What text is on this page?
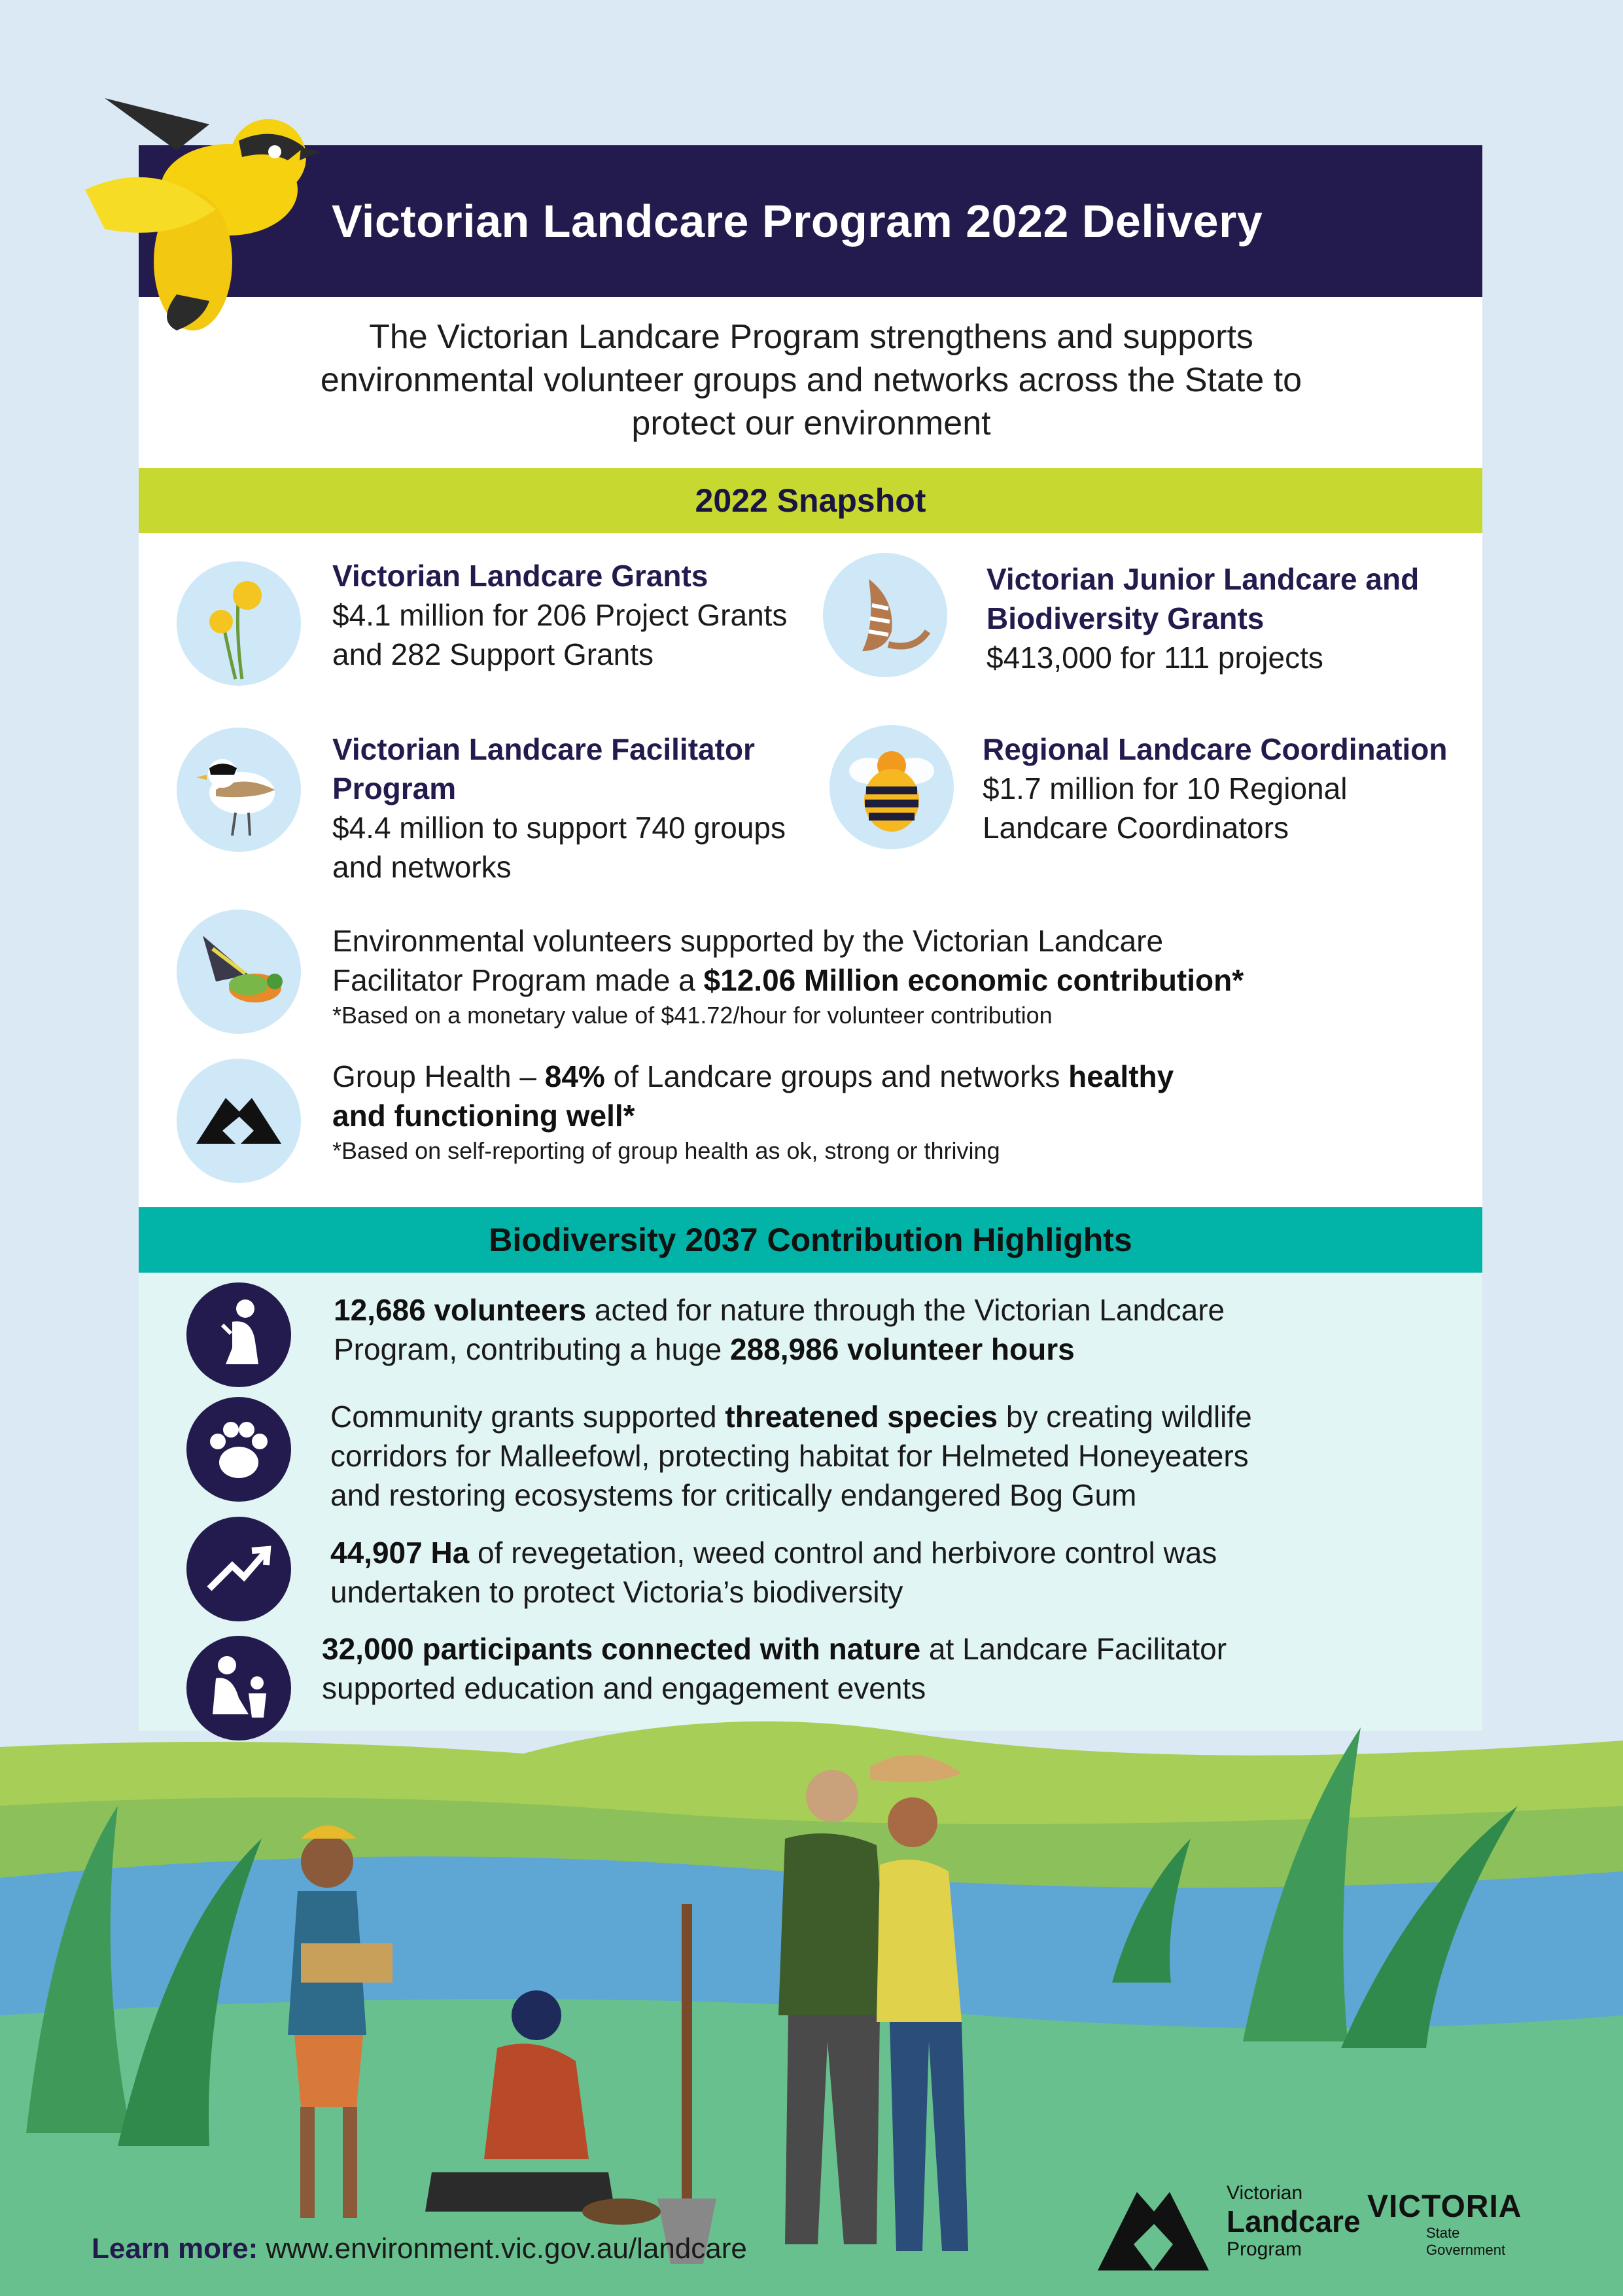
Victorian Landcare Program 2022 Delivery
The Victorian Landcare Program strengthens and supports
environmental volunteer groups and networks across the State to
protect our environment
2022 Snapshot
Victorian Landcare Grants
$4.1 million for 206 Project Grants and 282 Support Grants
Victorian Junior Landcare and Biodiversity Grants
$413,000 for 111 projects
Victorian Landcare Facilitator Program
$4.4 million to support 740 groups and networks
Regional Landcare Coordination
$1.7 million for 10 Regional Landcare Coordinators
Environmental volunteers supported by the Victorian Landcare
Facilitator Program made a $12.06 Million economic contribution*
*Based on a monetary value of $41.72/hour for volunteer contribution
Group Health – 84% of Landcare groups and networks healthy
and functioning well*
*Based on self-reporting of group health as ok, strong or thriving
Biodiversity 2037 Contribution Highlights
12,686 volunteers acted for nature through the Victorian Landcare
Program, contributing a huge 288,986 volunteer hours
Community grants supported threatened species by creating wildlife
corridors for Malleefowl, protecting habitat for Helmeted Honeyeaters
and restoring ecosystems for critically endangered Bog Gum
44,907 Ha of revegetation, weed control and herbivore control was
undertaken to protect Victoria’s biodiversity
32,000 participants connected with nature at Landcare Facilitator
supported education and engagement events
Learn more: www.environment.vic.gov.au/landcare
Victorian
Landcare
Program
VICTORIA
State
Government
